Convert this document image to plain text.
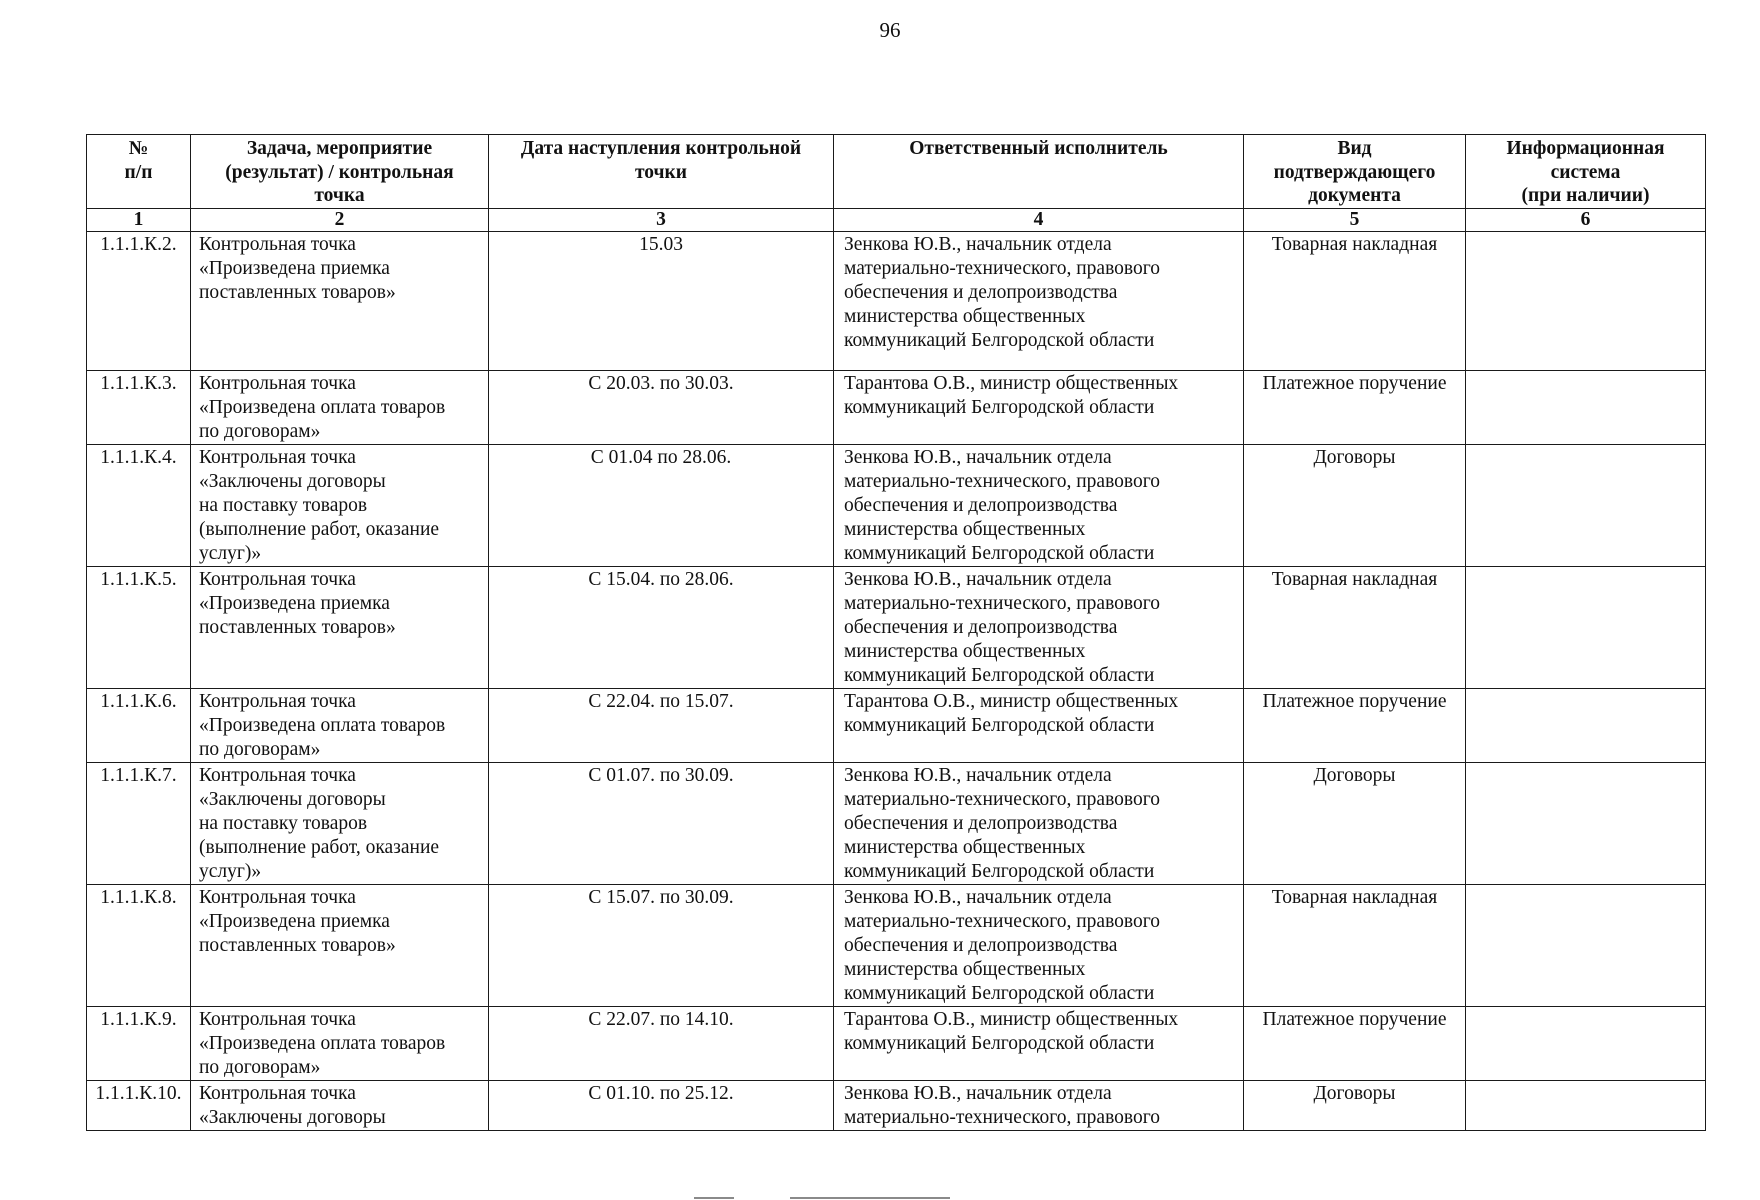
96
№
п/п	Задача, мероприятие
(результат) / контрольная
точка	Дата наступления контрольной
точки	Ответственный исполнитель	Вид
подтверждающего
документа	Информационная
система
(при наличии)
1	2	3	4	5	6
1.1.1.К.2.	Контрольная точка
«Произведена приемка
поставленных товаров»	15.03	Зенкова Ю.В., начальник отдела
материально-технического, правового
обеспечения и делопроизводства
министерства общественных
коммуникаций Белгородской области	Товарная накладная	
1.1.1.К.3.	Контрольная точка
«Произведена оплата товаров
по договорам»	С 20.03. по 30.03.	Тарантова О.В., министр общественных
коммуникаций Белгородской области	Платежное поручение	
1.1.1.К.4.	Контрольная точка
«Заключены договоры
на поставку товаров
(выполнение работ, оказание
услуг)»	С 01.04 по 28.06.	Зенкова Ю.В., начальник отдела
материально-технического, правового
обеспечения и делопроизводства
министерства общественных
коммуникаций Белгородской области	Договоры	
1.1.1.К.5.	Контрольная точка
«Произведена приемка
поставленных товаров»	С 15.04. по 28.06.	Зенкова Ю.В., начальник отдела
материально-технического, правового
обеспечения и делопроизводства
министерства общественных
коммуникаций Белгородской области	Товарная накладная	
1.1.1.К.6.	Контрольная точка
«Произведена оплата товаров
по договорам»	С 22.04. по 15.07.	Тарантова О.В., министр общественных
коммуникаций Белгородской области	Платежное поручение	
1.1.1.К.7.	Контрольная точка
«Заключены договоры
на поставку товаров
(выполнение работ, оказание
услуг)»	С 01.07. по 30.09.	Зенкова Ю.В., начальник отдела
материально-технического, правового
обеспечения и делопроизводства
министерства общественных
коммуникаций Белгородской области	Договоры	
1.1.1.К.8.	Контрольная точка
«Произведена приемка
поставленных товаров»	С 15.07. по 30.09.	Зенкова Ю.В., начальник отдела
материально-технического, правового
обеспечения и делопроизводства
министерства общественных
коммуникаций Белгородской области	Товарная накладная	
1.1.1.К.9.	Контрольная точка
«Произведена оплата товаров
по договорам»	С 22.07. по 14.10.	Тарантова О.В., министр общественных
коммуникаций Белгородской области	Платежное поручение	
1.1.1.К.10.	Контрольная точка
«Заключены договоры	С 01.10. по 25.12.	Зенкова Ю.В., начальник отдела
материально-технического, правового	Договоры	
